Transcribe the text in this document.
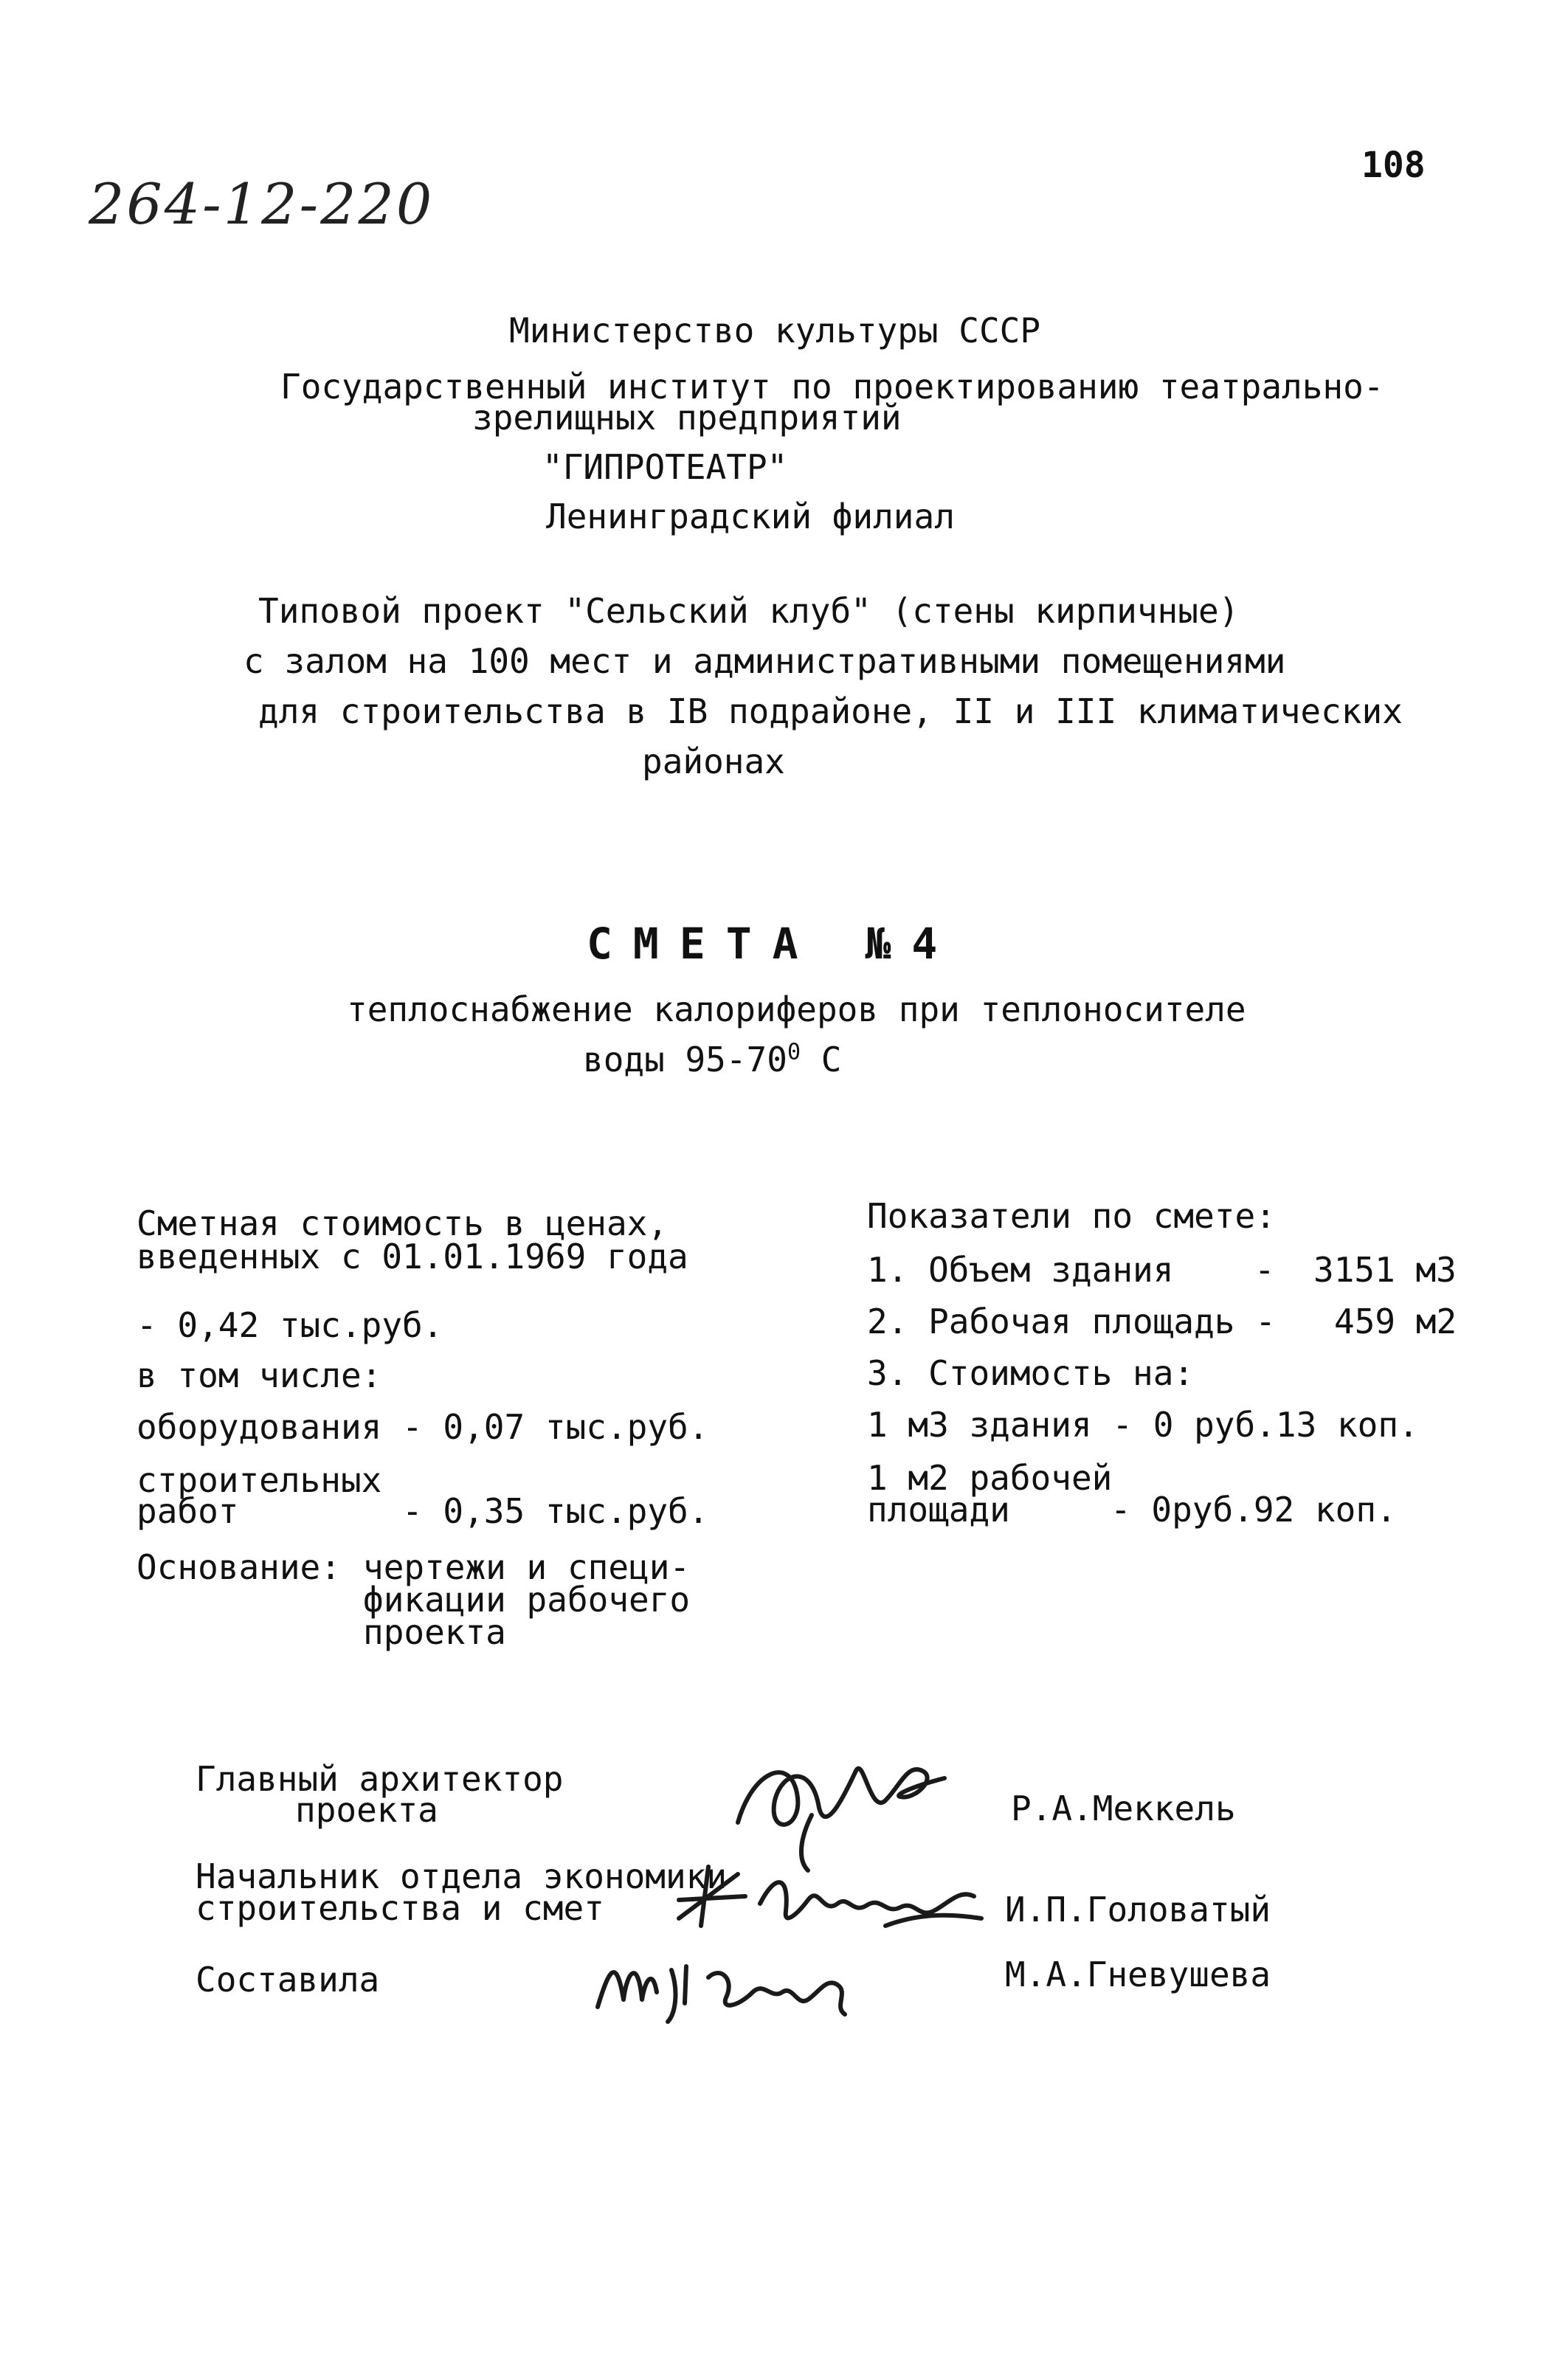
264-12-220
108
Министерство культуры СССР
Государственный институт по проектированию театрально-
зрелищных предприятий
"ГИПРОТЕАТР"
Ленинградский филиал
Типовой проект "Сельский клуб" (стены кирпичные)
с залом на 100 мест и административными помещениями
для строительства в IB подрайоне, II и III климатических
районах
СМЕТА №4
теплоснабжение калориферов при теплоносителе
воды $95-70^0$ С
Сметная стоимость в ценах,
введенных с 01.01.1969 года
- 0,42 тыс.руб.
в том числе:
оборудования - 0,07 тыс.руб.
строительных
работ	- 0,35 тыс.руб.
Основание: чертежи и специ-
фикации рабочего
проекта
Показатели по смете:
1. Объем здания - 3151 м3
2. Рабочая площадь - 459 м2
3. Стоимость на:
1 м3 здания - 0 руб.13 коп.
1 м2 рабочей
площади	- 0руб.92 коп.
Главный архитектор
проекта	Р.А.Меккель
Начальник отдела экономики
строительства и смет	И.П.Головатый
Составила	М.А.Гневушева
